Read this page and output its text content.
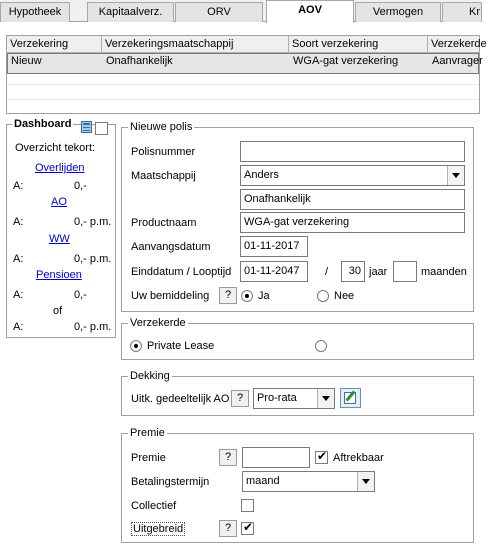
Hypotheek	Kapitaalverz.	ORV	AOV	Vermogen	Kr
Verzekering	Verzekeringsmaatschappij	Soort verzekering	Verzekerde
Nieuw	Onafhankelijk	WGA-gat verzekering	Aanvrager
Dashboard
Overzicht tekort:
Overlijden
A:	0,-
AO
A:	0,- p.m.
WW
A:	0,- p.m.
Pensioen
A:	0,-
of
A:	0,- p.m.
Nieuwe polis
Polisnummer
Maatschappij	Anders
Onafhankelijk
Productnaam	WGA-gat verzekering
Aanvangsdatum	01-11-2017
Einddatum / Looptijd	01-11-2047	/	30 jaar	maanden
Uw bemiddeling	?	Ja	Nee
Verzekerde
Private Lease
Dekking
Uitk. gedeeltelijk AO ?	Pro-rata
Premie
Premie	?
✔	Aftrekbaar
Betalingstermijn	maand
Collectief
Uitgebreid	?
✔
